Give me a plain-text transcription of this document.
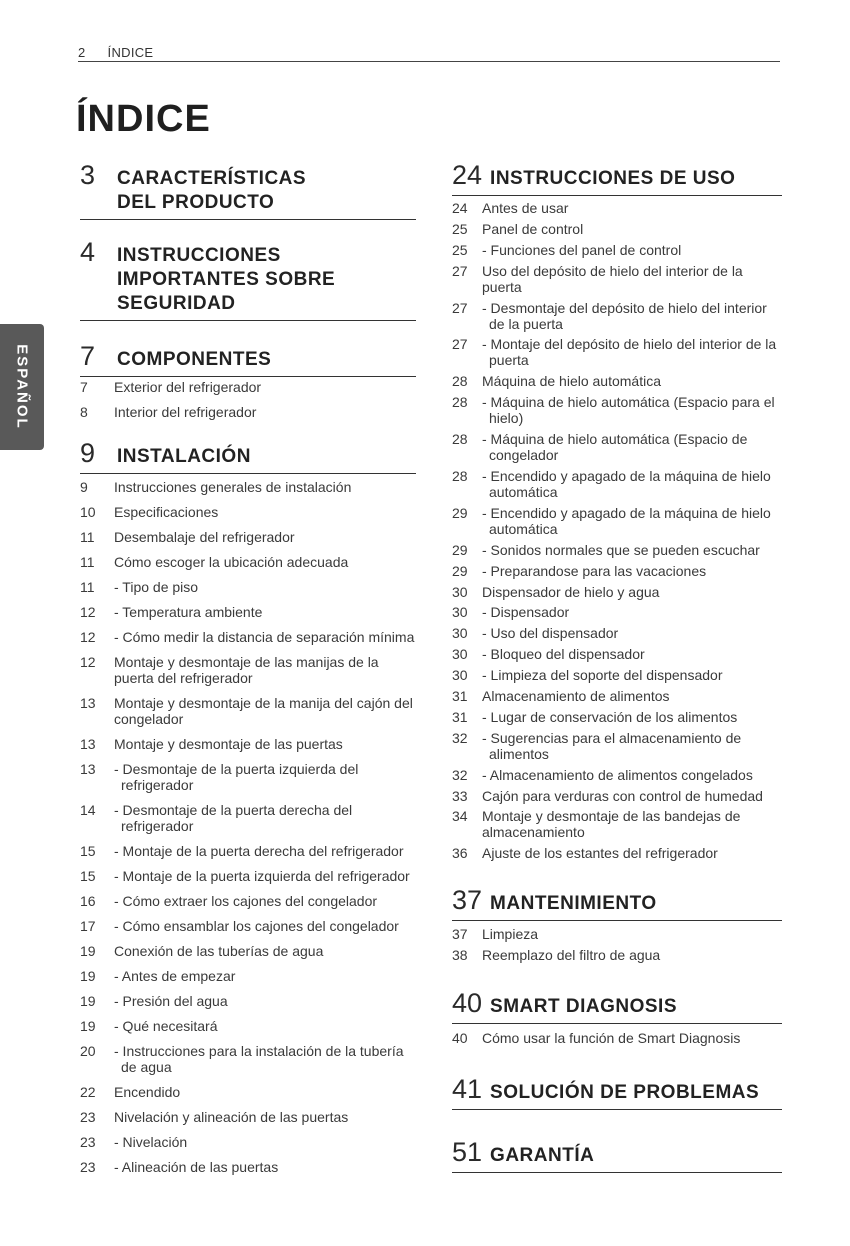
2 ÍNDICE
ÍNDICE
ESPAÑOL
3	CARACTERÍSTICAS DEL PRODUCTO
4	INSTRUCCIONES IMPORTANTES SOBRE SEGURIDAD
7	COMPONENTES
7	Exterior del refrigerador
8	Interior del refrigerador
9	INSTALACIÓN
9	Instrucciones generales de instalación
10	Especificaciones
11	Desembalaje del refrigerador
11	Cómo escoger la ubicación adecuada
11	- Tipo de piso
12	- Temperatura ambiente
12	- Cómo medir la distancia de separación mínima
12	Montaje y desmontaje de las manijas de la puerta del refrigerador
13	Montaje y desmontaje de la manija del cajón del congelador
13	Montaje y desmontaje de las puertas
13	- Desmontaje de la puerta izquierda del refrigerador
14	- Desmontaje de la puerta derecha del refrigerador
15	- Montaje de la puerta derecha del refrigerador
15	- Montaje de la puerta izquierda del refrigerador
16	- Cómo extraer los cajones del congelador
17	- Cómo ensamblar los cajones del congelador
19	Conexión de las tuberías de agua
19	- Antes de empezar
19	- Presión del agua
19	- Qué necesitará
20	- Instrucciones para la instalación de la tubería de agua
22	Encendido
23	Nivelación y alineación de las puertas
23	- Nivelación
23	- Alineación de las puertas
24 INSTRUCCIONES DE USO
24	Antes de usar
25	Panel de control
25	- Funciones del panel de control
27	Uso del depósito de hielo del interior de la puerta
27	- Desmontaje del depósito de hielo del interior de la puerta
27	- Montaje del depósito de hielo del interior de la puerta
28	Máquina de hielo automática
28	- Máquina de hielo automática (Espacio para el hielo)
28	- Máquina de hielo automática (Espacio de congelador
28	- Encendido y apagado de la máquina de hielo automática
29	- Encendido y apagado de la máquina de hielo automática
29	- Sonidos normales que se pueden escuchar
29	- Preparandose para las vacaciones
30	Dispensador de hielo y agua
30	- Dispensador
30	- Uso del dispensador
30	- Bloqueo del dispensador
30	- Limpieza del soporte del dispensador
31	Almacenamiento de alimentos
31	- Lugar de conservación de los alimentos
32	- Sugerencias para el almacenamiento de alimentos
32	- Almacenamiento de alimentos congelados
33	Cajón para verduras con control de humedad
34	Montaje y desmontaje de las bandejas de almacenamiento
36	Ajuste de los estantes del refrigerador
37 MANTENIMIENTO
37	Limpieza
38	Reemplazo del filtro de agua
40 SMART DIAGNOSIS
40	Cómo usar la función de Smart Diagnosis
41 SOLUCIÓN DE PROBLEMAS
51 GARANTÍA
